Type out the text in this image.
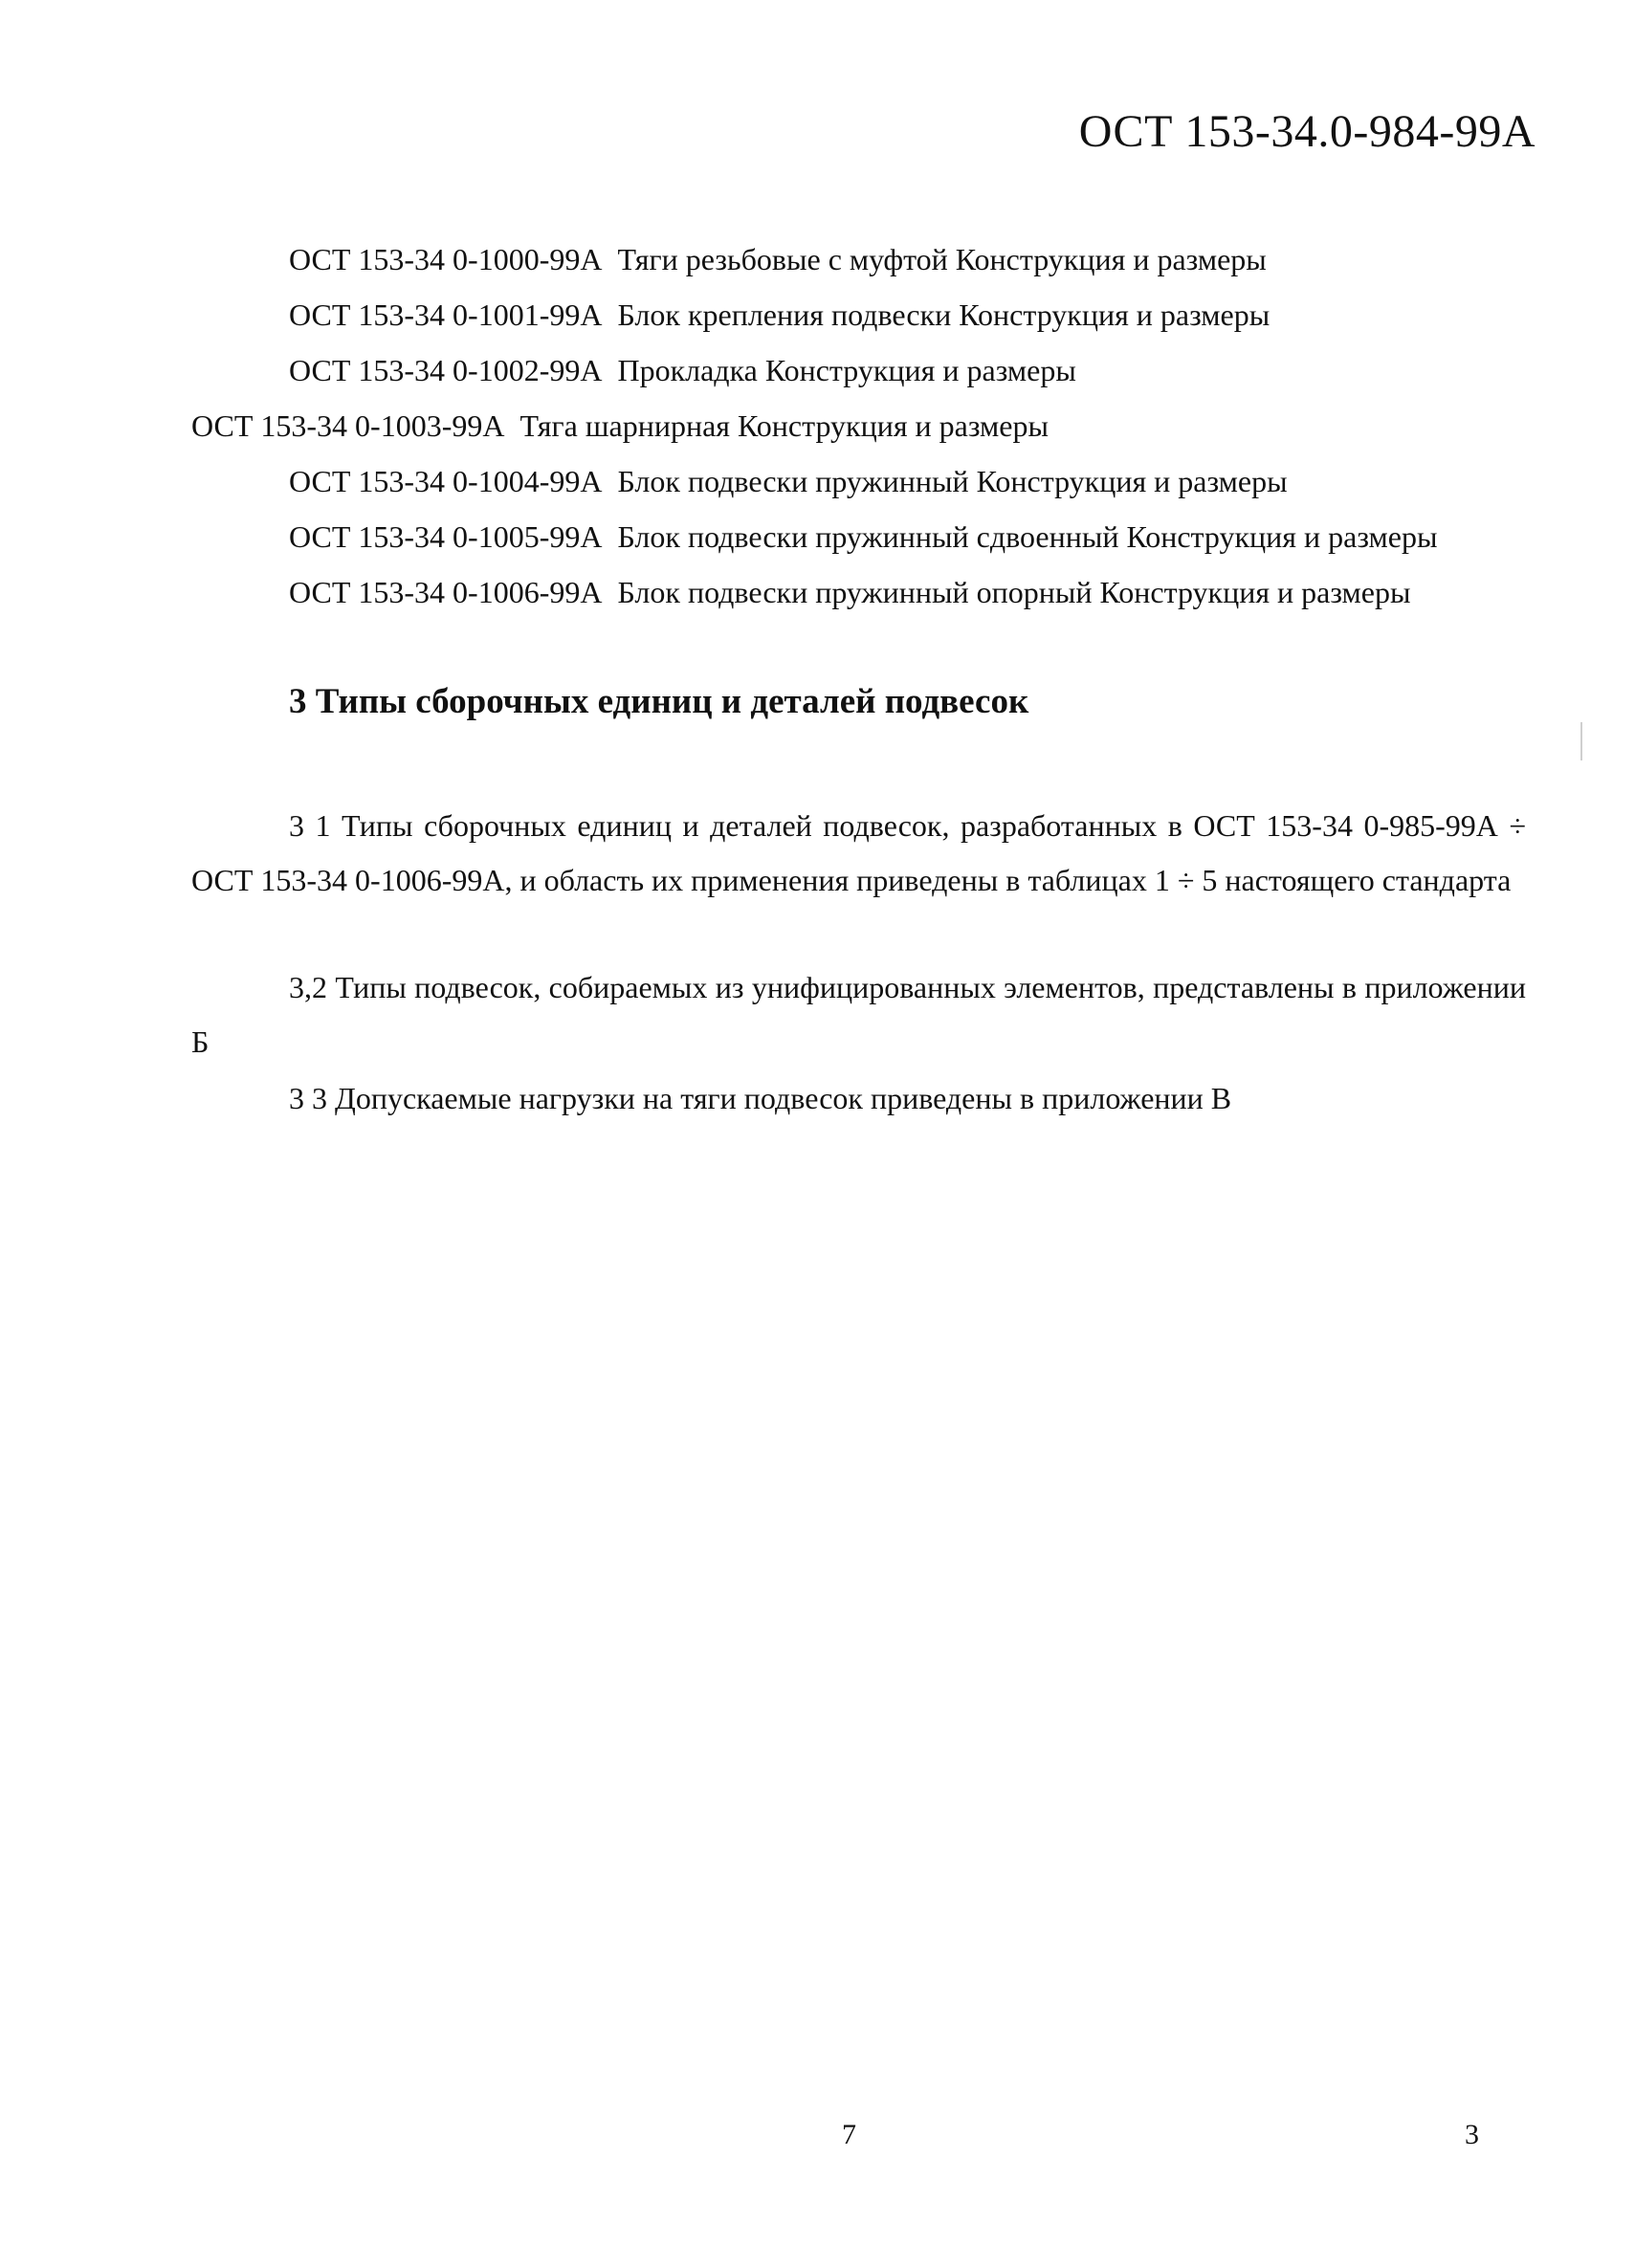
ОСТ 153-34.0-984-99А
ОСТ 153-34 0-1000-99А Тяги резьбовые с муфтой Конструкция и размеры
ОСТ 153-34 0-1001-99А Блок крепления подвески Конструкция и размеры
ОСТ 153-34 0-1002-99А Прокладка Конструкция и размеры
ОСТ 153-34 0-1003-99А Тяга шарнирная Конструкция и размеры
ОСТ 153-34 0-1004-99А Блок подвески пружинный Конструкция и размеры
ОСТ 153-34 0-1005-99А Блок подвески пружинный сдвоенный Конструкция и размеры
ОСТ 153-34 0-1006-99А Блок подвески пружинный опорный Конструкция и размеры
3 Типы сборочных единиц и деталей подвесок

3 1 Типы сборочных единиц и деталей подвесок, разработанных в ОСТ 153-34 0-985-99А ÷ ОСТ 153-34 0-1006-99А, и область их применения приведены в таблицах 1 ÷ 5 настоящего стандарта

3,2 Типы подвесок, собираемых из унифицированных элементов, представлены в приложении Б

3 3 Допускаемые нагрузки на тяги подвесок приведены в приложении В

7	3
